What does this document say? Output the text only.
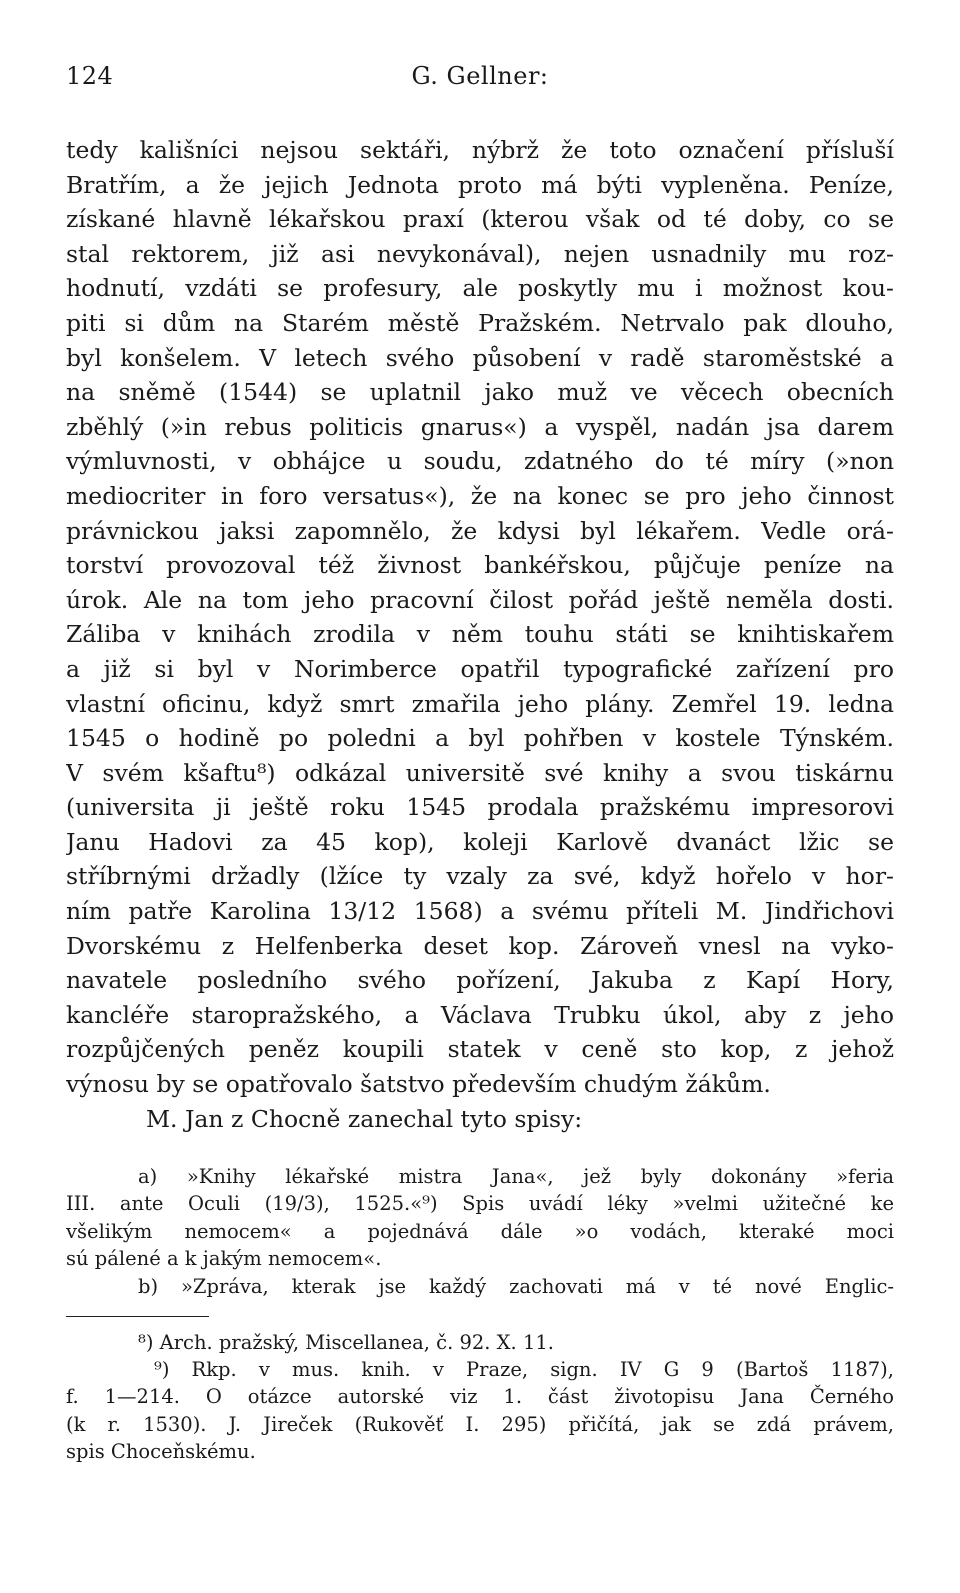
124	G. Gellner:
tedy kališníci nejsou sektáři, nýbrž že toto označení přísluší
Bratřím, a že jejich Jednota proto má býti vypleněna. Peníze,
získané hlavně lékařskou praxí (kterou však od té doby, co se
stal rektorem, již asi nevykonával), nejen usnadnily mu roz-
hodnutí, vzdáti se profesury, ale poskytly mu i možnost kou-
piti si dům na Starém městě Pražském. Netrvalo pak dlouho,
byl konšelem. V letech svého působení v radě staroměstské a
na sněmě (1544) se uplatnil jako muž ve věcech obecních
zběhlý (»in rebus politicis gnarus«) a vyspěl, nadán jsa darem
výmluvnosti, v obhájce u soudu, zdatného do té míry (»non
mediocriter in foro versatus«), že na konec se pro jeho činnost
právnickou jaksi zapomnělo, že kdysi byl lékařem. Vedle orá-
torství provozoval též živnost bankéřskou, půjčuje peníze na
úrok. Ale na tom jeho pracovní čilost pořád ještě neměla dosti.
Záliba v knihách zrodila v něm touhu státi se knihtiskařem
a již si byl v Norimberce opatřil typografické zařízení pro
vlastní oficinu, když smrt zmařila jeho plány. Zemřel 19. ledna
1545 o hodině po poledni a byl pohřben v kostele Týnském.
V svém kšaftu⁸) odkázal universitě své knihy a svou tiskárnu
(universita ji ještě roku 1545 prodala pražskému impresorovi
Janu Hadovi za 45 kop), koleji Karlově dvanáct lžic se
stříbrnými držadly (lžíce ty vzaly za své, když hořelo v hor-
ním patře Karolina 13/12 1568) a svému příteli M. Jindřichovi
Dvorskému z Helfenberka deset kop. Zároveň vnesl na vyko-
navatele posledního svého pořízení, Jakuba z Kapí Hory,
kancléře staropražského, a Václava Trubku úkol, aby z jeho
rozpůjčených peněz koupili statek v ceně sto kop, z jehož
výnosu by se opatřovalo šatstvo především chudým žákům.
M. Jan z Chocně zanechal tyto spisy:
a) »Knihy lékařské mistra Jana«, jež byly dokonány »feria
III. ante Oculi (19/3), 1525.«⁹) Spis uvádí léky »velmi užitečné ke
všelikým nemocem« a pojednává dále »o vodách, kteraké moci
sú pálené a k jakým nemocem«.
b) »Zpráva, kterak jse každý zachovati má v té nové Englic-
⁸) Arch. pražský, Miscellanea, č. 92. X. 11.
⁹) Rkp. v mus. knih. v Praze, sign. IV G 9 (Bartoš 1187),
f. 1—214. O otázce autorské viz 1. část životopisu Jana Černého
(k r. 1530). J. Jireček (Rukověť I. 295) přičítá, jak se zdá právem,
spis Choceňskému.
